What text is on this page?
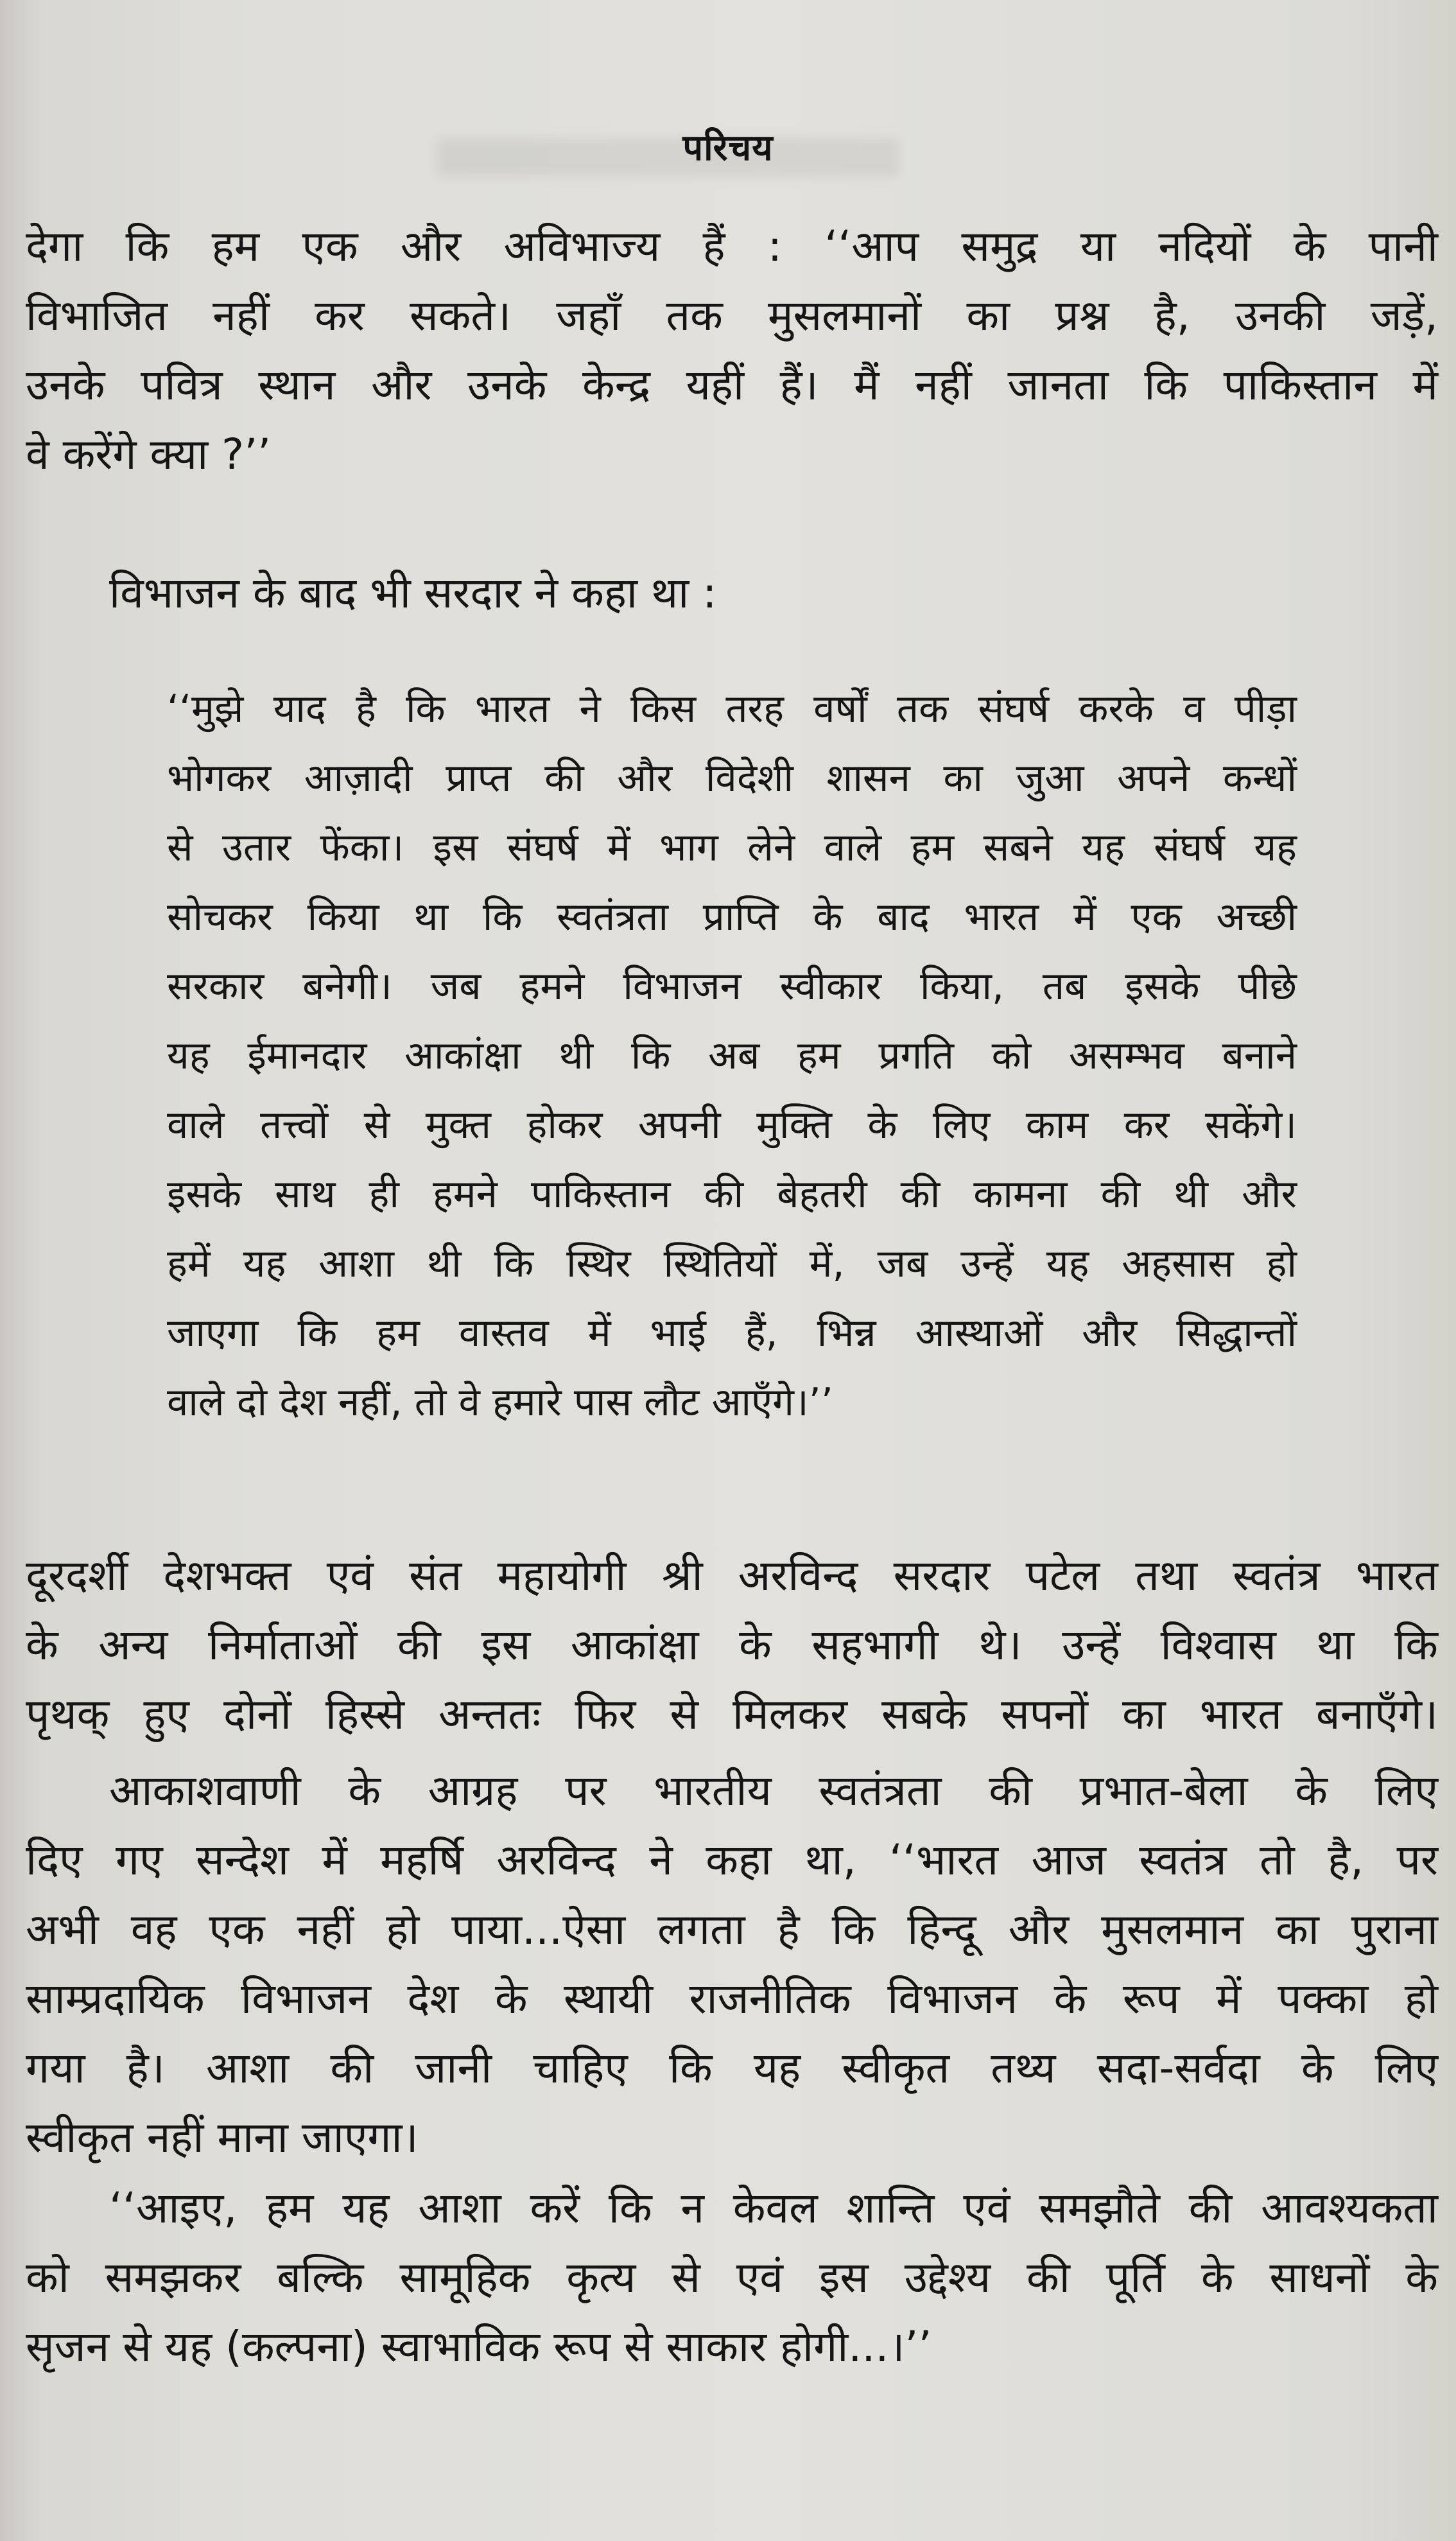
परिचय
देगा कि हम एक और अविभाज्य हैं : ‘‘आप समुद्र या नदियों के पानी
विभाजित नहीं कर सकते। जहाँ तक मुसलमानों का प्रश्न है, उनकी जड़ें,
उनके पवित्र स्थान और उनके केन्द्र यहीं हैं। मैं नहीं जानता कि पाकिस्तान में
वे करेंगे क्या ?’’
विभाजन के बाद भी सरदार ने कहा था :
‘‘मुझे याद है कि भारत ने किस तरह वर्षों तक संघर्ष करके व पीड़ा
भोगकर आज़ादी प्राप्त की और विदेशी शासन का जुआ अपने कन्धों
से उतार फेंका। इस संघर्ष में भाग लेने वाले हम सबने यह संघर्ष यह
सोचकर किया था कि स्वतंत्रता प्राप्ति के बाद भारत में एक अच्छी
सरकार बनेगी। जब हमने विभाजन स्वीकार किया, तब इसके पीछे
यह ईमानदार आकांक्षा थी कि अब हम प्रगति को असम्भव बनाने
वाले तत्त्वों से मुक्त होकर अपनी मुक्ति के लिए काम कर सकेंगे।
इसके साथ ही हमने पाकिस्तान की बेहतरी की कामना की थी और
हमें यह आशा थी कि स्थिर स्थितियों में, जब उन्हें यह अहसास हो
जाएगा कि हम वास्तव में भाई हैं, भिन्न आस्थाओं और सिद्धान्तों
वाले दो देश नहीं, तो वे हमारे पास लौट आएँगे।’’
दूरदर्शी देशभक्त एवं संत महायोगी श्री अरविन्द सरदार पटेल तथा स्वतंत्र भारत
के अन्य निर्माताओं की इस आकांक्षा के सहभागी थे। उन्हें विश्वास था कि
पृथक् हुए दोनों हिस्से अन्ततः फिर से मिलकर सबके सपनों का भारत बनाएँगे।
आकाशवाणी के आग्रह पर भारतीय स्वतंत्रता की प्रभात-बेला के लिए
दिए गए सन्देश में महर्षि अरविन्द ने कहा था, ‘‘भारत आज स्वतंत्र तो है, पर
अभी वह एक नहीं हो पाया...ऐसा लगता है कि हिन्दू और मुसलमान का पुराना
साम्प्रदायिक विभाजन देश के स्थायी राजनीतिक विभाजन के रूप में पक्का हो
गया है। आशा की जानी चाहिए कि यह स्वीकृत तथ्य सदा-सर्वदा के लिए
स्वीकृत नहीं माना जाएगा।
‘‘आइए, हम यह आशा करें कि न केवल शान्ति एवं समझौते की आवश्यकता
को समझकर बल्कि सामूहिक कृत्य से एवं इस उद्देश्य की पूर्ति के साधनों के
सृजन से यह (कल्पना) स्वाभाविक रूप से साकार होगी...।’’
